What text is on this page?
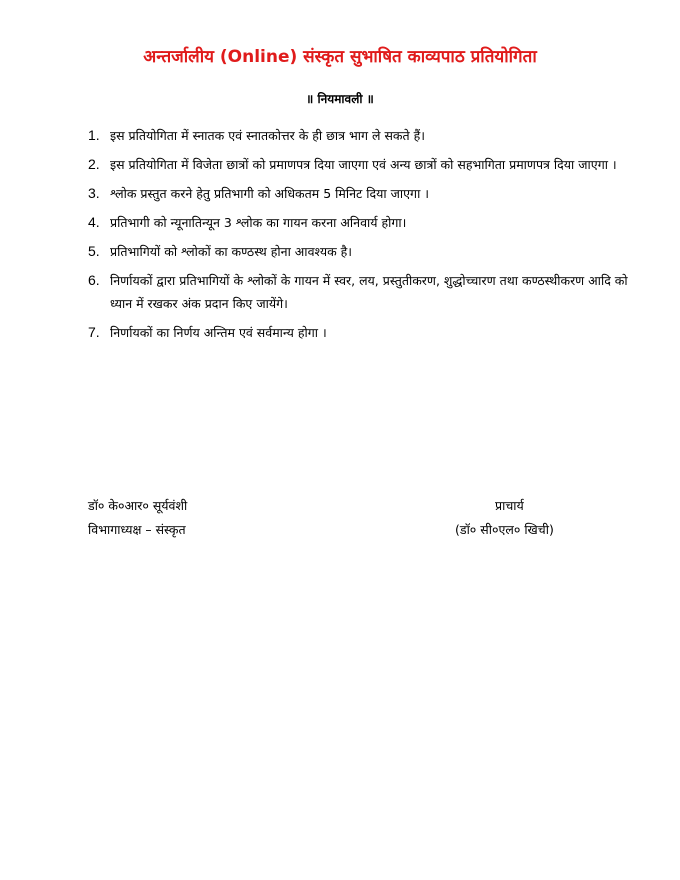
अन्तर्जालीय (Online) संस्कृत सुभाषित काव्यपाठ प्रतियोगिता
॥ नियमावली ॥
1. इस प्रतियोगिता में स्नातक एवं स्नातकोत्तर के ही छात्र भाग ले सकते हैं।
2. इस प्रतियोगिता में विजेता छात्रों को प्रमाणपत्र दिया जाएगा एवं अन्य छात्रों को सहभागिता प्रमाणपत्र दिया जाएगा ।
3. श्लोक प्रस्तुत करने हेतु प्रतिभागी को अधिकतम 5 मिनिट दिया जाएगा ।
4. प्रतिभागी को न्यूनातिन्यून 3 श्लोक का गायन करना अनिवार्य होगा।
5. प्रतिभागियों को श्लोकों का कण्ठस्थ होना आवश्यक है।
6. निर्णायकों द्वारा प्रतिभागियों के श्लोकों के गायन में स्वर, लय, प्रस्तुतीकरण, शुद्धोच्चारण तथा कण्ठस्थीकरण आदि को ध्यान में रखकर अंक प्रदान किए जायेंगे।
7. निर्णायकों का निर्णय अन्तिम एवं सर्वमान्य होगा ।
डॉ० के०आर० सूर्यवंशी
विभागाध्यक्ष – संस्कृत
प्राचार्य
(डॉ० सी०एल० खिची)
